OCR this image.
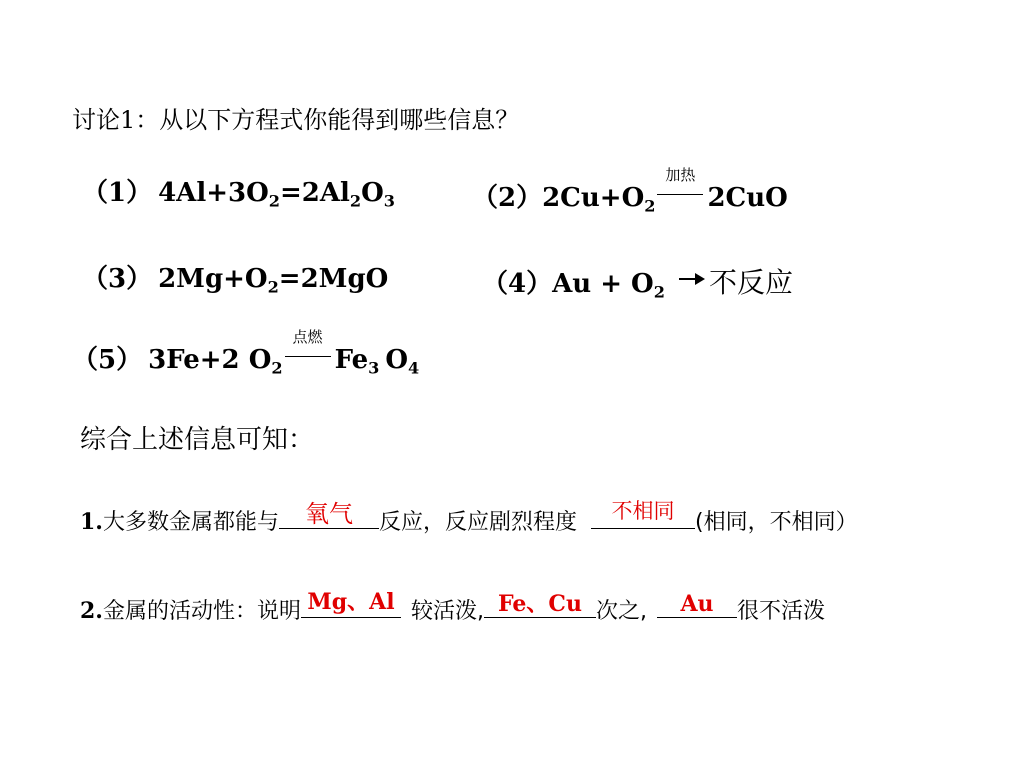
讨论1：从以下方程式你能得到哪些信息？
（1） $4Al+3O_2=2Al_2O_3$	$(2)2Cu+O_2$
加热
2CuO
（3） $2Mg+O_2=2MgO$	$(4)Au + O_2$ 不反应
（5） 3Fe+2 $O_2$
点燃
$Fe_3$ $O_4$
综合上述信息可知：
1.大多数金属都能与	氧气	反应，反应剧烈程度	不相同 (相同，不相同）
2.金属的活动性：说明 Mg、Al 较活泼, Fe、Cu 次之,	Au	很不活泼
